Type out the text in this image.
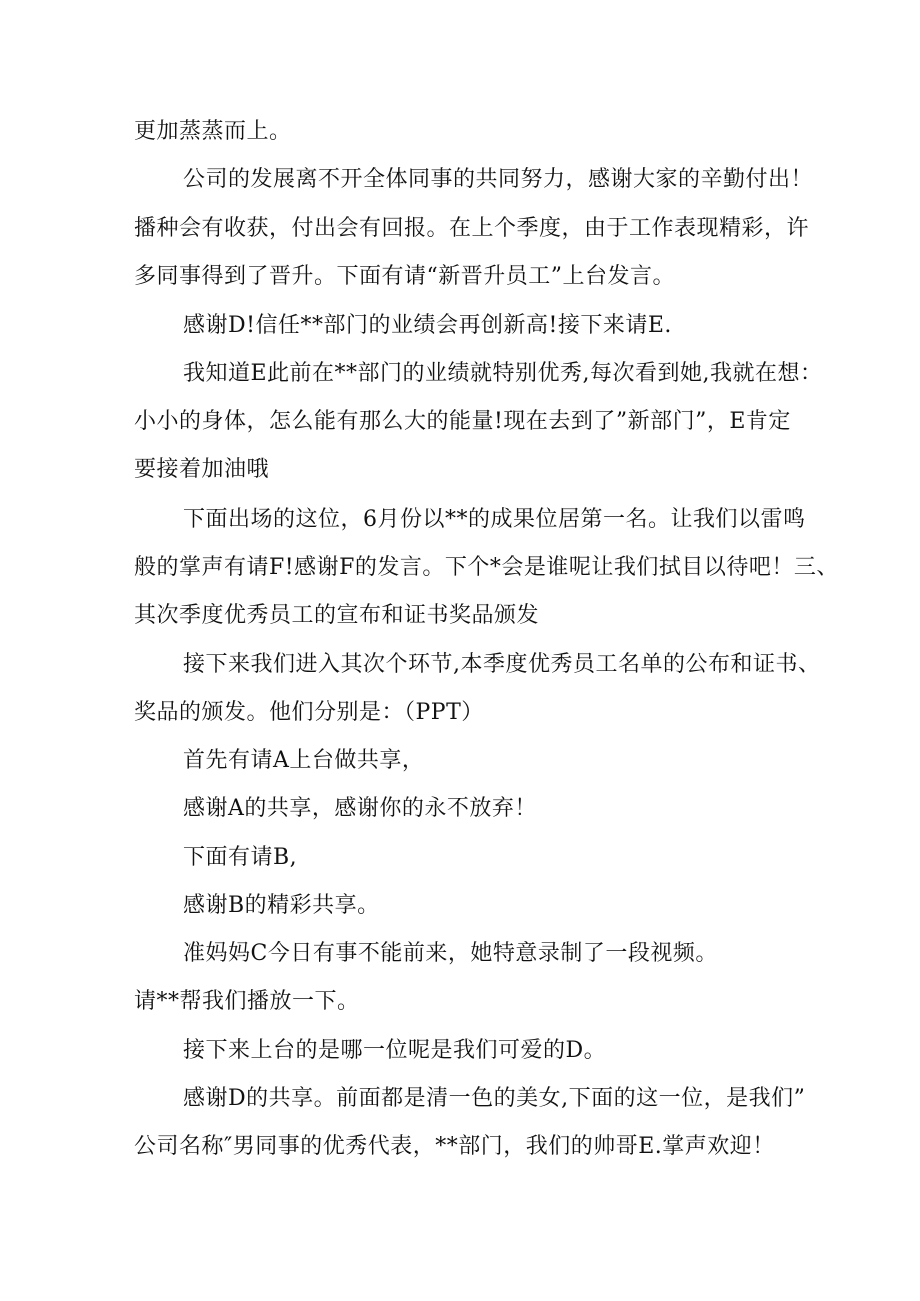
更加蒸蒸而上。
公司的发展离不开全体同事的共同努力，感谢大家的辛勤付出！
播种会有收获，付出会有回报。在上个季度，由于工作表现精彩，许
多同事得到了晋升。下面有请“新晋升员工”上台发言。
感谢D!信任**部门的业绩会再创新高!接下来请E.
我知道E此前在**部门的业绩就特别优秀,每次看到她,我就在想：
小小的身体，怎么能有那么大的能量!现在去到了”新部门”，E肯定
要接着加油哦
下面出场的这位，6月份以**的成果位居第一名。让我们以雷鸣
般的掌声有请F!感谢F的发言。下个*会是谁呢让我们拭目以待吧！三、
其次季度优秀员工的宣布和证书奖品颁发
接下来我们进入其次个环节,本季度优秀员工名单的公布和证书、
奖品的颁发。他们分别是：（PPT）
首先有请A上台做共享，
感谢A的共享，感谢你的永不放弃！
下面有请B,
感谢B的精彩共享。
准妈妈C今日有事不能前来，她特意录制了一段视频。
请**帮我们播放一下。
接下来上台的是哪一位呢是我们可爱的D。
感谢D的共享。前面都是清一色的美女,下面的这一位，是我们”
公司名称″男同事的优秀代表，**部门，我们的帅哥E.掌声欢迎！
